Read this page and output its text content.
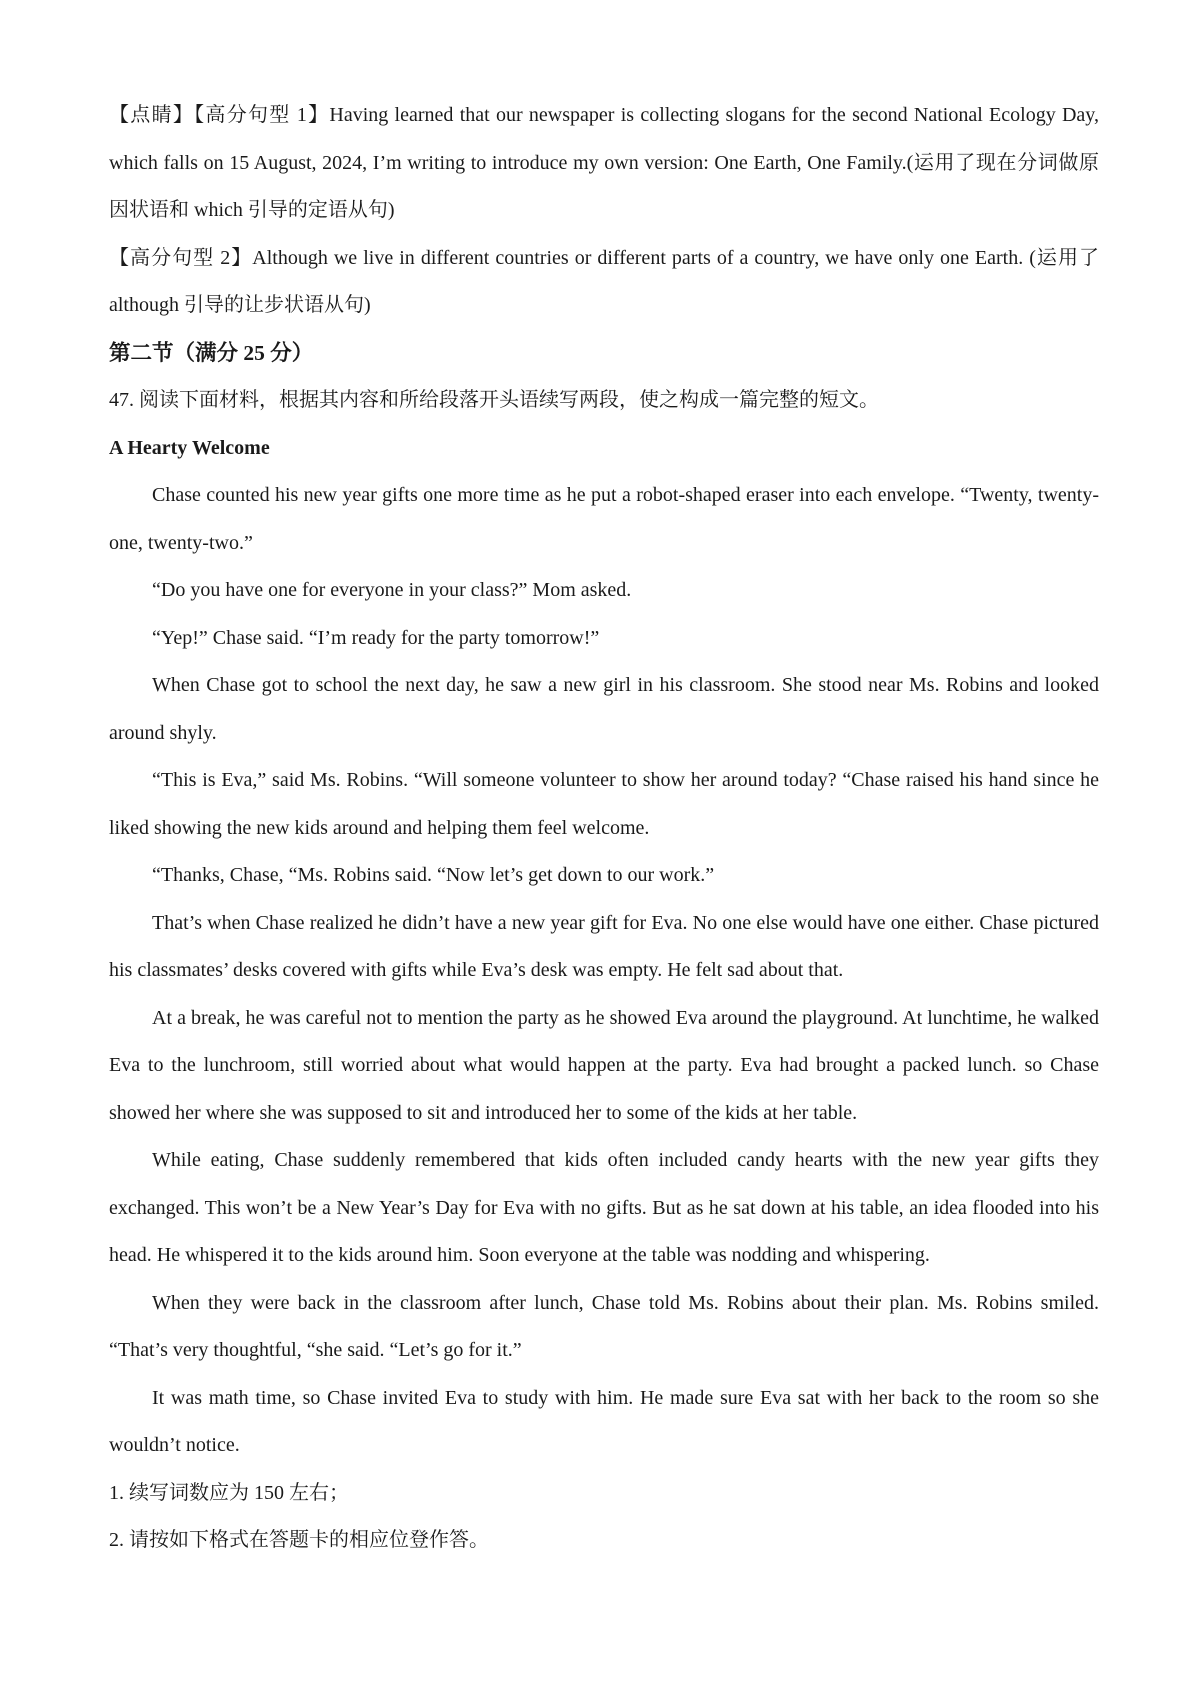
【点睛】【高分句型 1】Having learned that our newspaper is collecting slogans for the second National Ecology Day, which falls on 15 August, 2024, I’m writing to introduce my own version: One Earth, One Family.(运用了现在分词做原因状语和 which 引导的定语从句)

【高分句型 2】Although we live in different countries or different parts of a country, we have only one Earth. (运用了 although 引导的让步状语从句)

第二节（满分 25 分）

47. 阅读下面材料，根据其内容和所给段落开头语续写两段，使之构成一篇完整的短文。

A Hearty Welcome

Chase counted his new year gifts one more time as he put a robot-shaped eraser into each envelope. “Twenty, twenty-one, twenty-two.”

“Do you have one for everyone in your class?” Mom asked.

“Yep!” Chase said. “I’m ready for the party tomorrow!”

When Chase got to school the next day, he saw a new girl in his classroom. She stood near Ms. Robins and looked around shyly.

“This is Eva,” said Ms. Robins. “Will someone volunteer to show her around today? “Chase raised his hand since he liked showing the new kids around and helping them feel welcome.

“Thanks, Chase, “Ms. Robins said. “Now let’s get down to our work.”

That’s when Chase realized he didn’t have a new year gift for Eva. No one else would have one either. Chase pictured his classmates’ desks covered with gifts while Eva’s desk was empty. He felt sad about that.

At a break, he was careful not to mention the party as he showed Eva around the playground. At lunchtime, he walked Eva to the lunchroom, still worried about what would happen at the party. Eva had brought a packed lunch. so Chase showed her where she was supposed to sit and introduced her to some of the kids at her table.

While eating, Chase suddenly remembered that kids often included candy hearts with the new year gifts they exchanged. This won’t be a New Year’s Day for Eva with no gifts. But as he sat down at his table, an idea flooded into his head. He whispered it to the kids around him. Soon everyone at the table was nodding and whispering.

When they were back in the classroom after lunch, Chase told Ms. Robins about their plan. Ms. Robins smiled. “That’s very thoughtful, “she said. “Let’s go for it.”

It was math time, so Chase invited Eva to study with him. He made sure Eva sat with her back to the room so she wouldn’t notice.

1. 续写词数应为 150 左右；

2. 请按如下格式在答题卡的相应位登作答。
